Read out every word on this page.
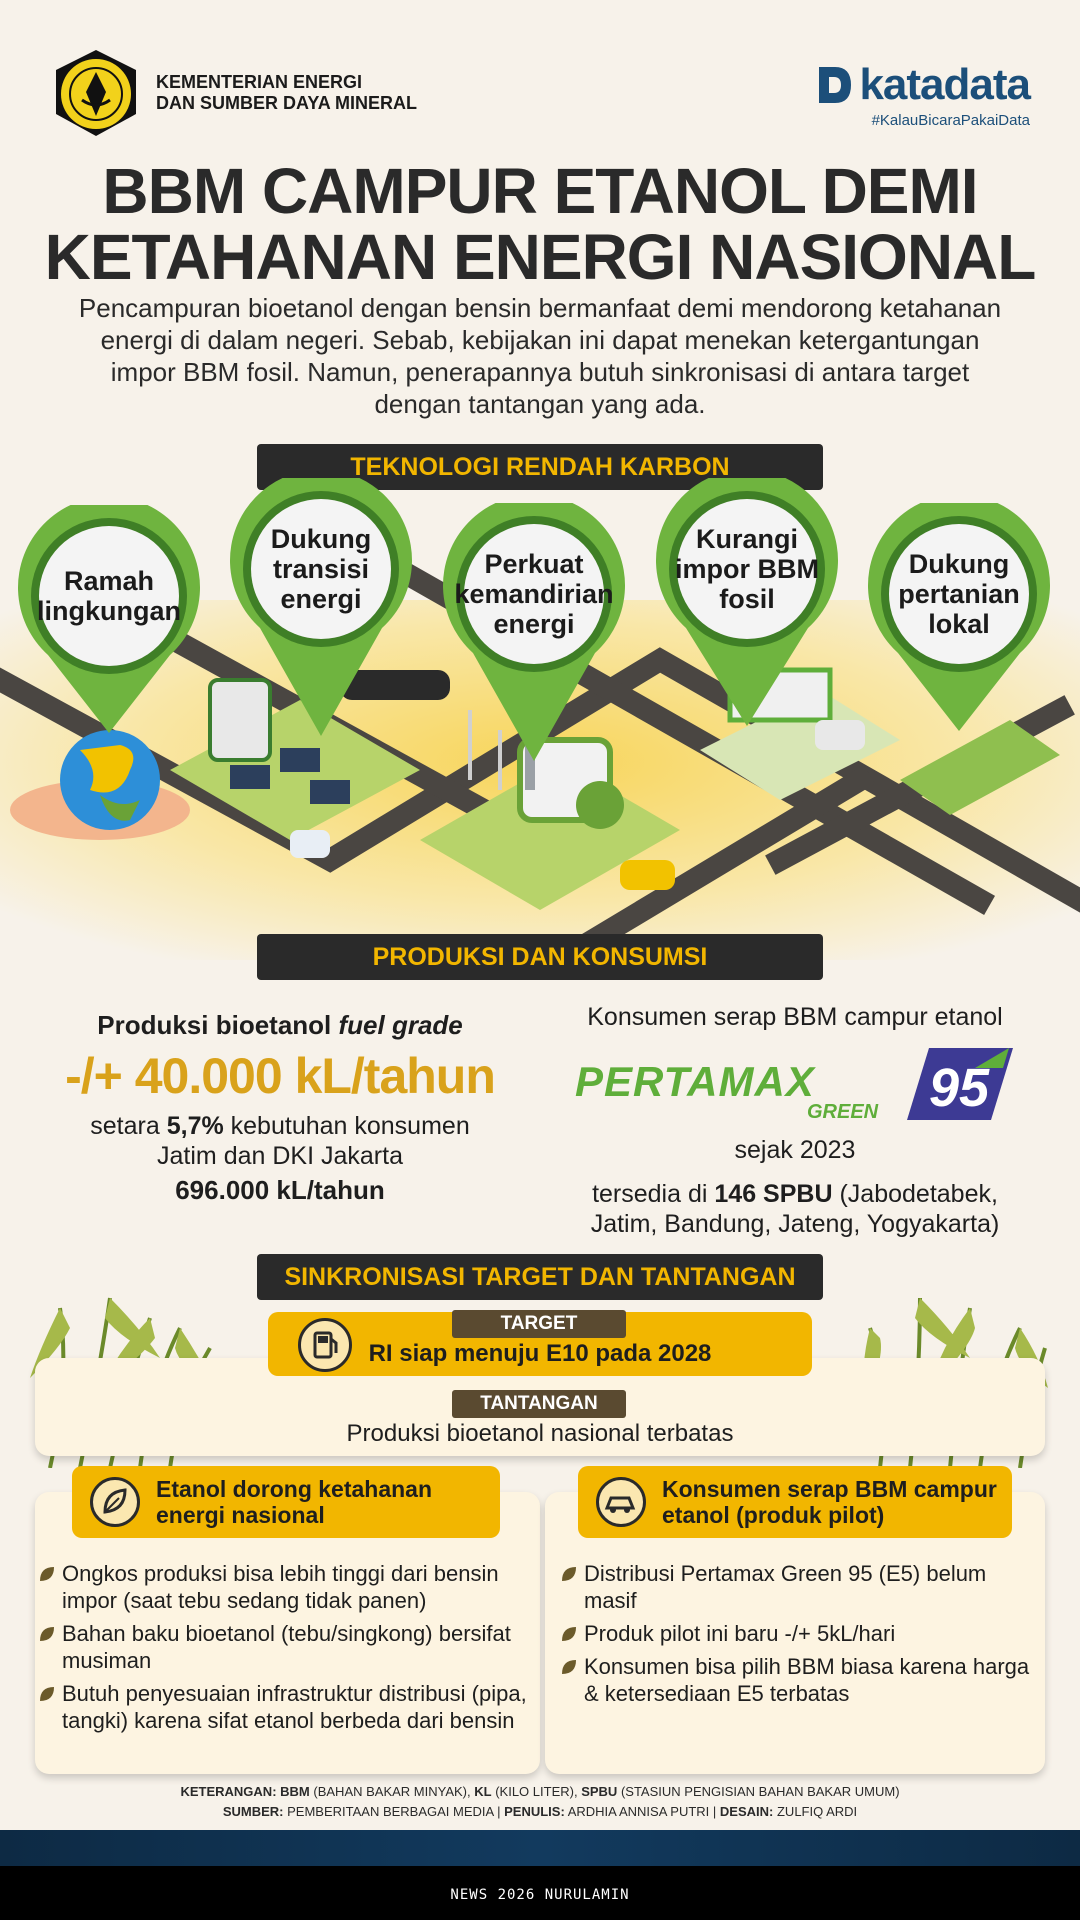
KEMENTERIAN ENERGI
DAN SUMBER DAYA MINERAL	katadata
#KalauBicaraPakaiData
BBM CAMPUR ETANOL DEMI
KETAHANAN ENERGI NASIONAL
Pencampuran bioetanol dengan bensin bermanfaat demi mendorong ketahanan energi di dalam negeri. Sebab, kebijakan ini dapat menekan ketergantungan impor BBM fosil. Namun, penerapannya butuh sinkronisasi di antara target dengan tantangan yang ada.
TEKNOLOGI RENDAH KARBON
Ramah lingkungan
Dukung transisi energi
Perkuat kemandirian energi
Kurangi impor BBM fosil
Dukung pertanian lokal
PRODUKSI DAN KONSUMSI
Produksi bioetanol fuel grade
-/+ 40.000 kL/tahun
setara 5,7% kebutuhan konsumen
Jatim dan DKI Jakarta
696.000 kL/tahun
Konsumen serap BBM campur etanol
PERTAMAX
GREEN 95
sejak 2023
tersedia di 146 SPBU (Jabodetabek,
Jatim, Bandung, Jateng, Yogyakarta)
SINKRONISASI TARGET DAN TANTANGAN
TARGET
RI siap menuju E10 pada 2028
TANTANGAN
Produksi bioetanol nasional terbatas
Etanol dorong ketahanan energi nasional
Ongkos produksi bisa lebih tinggi dari bensin impor (saat tebu sedang tidak panen)
Bahan baku bioetanol (tebu/singkong) bersifat musiman
Butuh penyesuaian infrastruktur distribusi (pipa, tangki) karena sifat etanol berbeda dari bensin
Konsumen serap BBM campur etanol (produk pilot)
Distribusi Pertamax Green 95 (E5) belum masif
Produk pilot ini baru -/+ 5kL/hari
Konsumen bisa pilih BBM biasa karena harga & ketersediaan E5 terbatas
KETERANGAN: BBM (BAHAN BAKAR MINYAK), KL (KILO LITER), SPBU (STASIUN PENGISIAN BAHAN BAKAR UMUM)
SUMBER: PEMBERITAAN BERBAGAI MEDIA | PENULIS: ARDHIA ANNISA PUTRI | DESAIN: ZULFIQ ARDI
NEWS 2026 NURULAMIN
